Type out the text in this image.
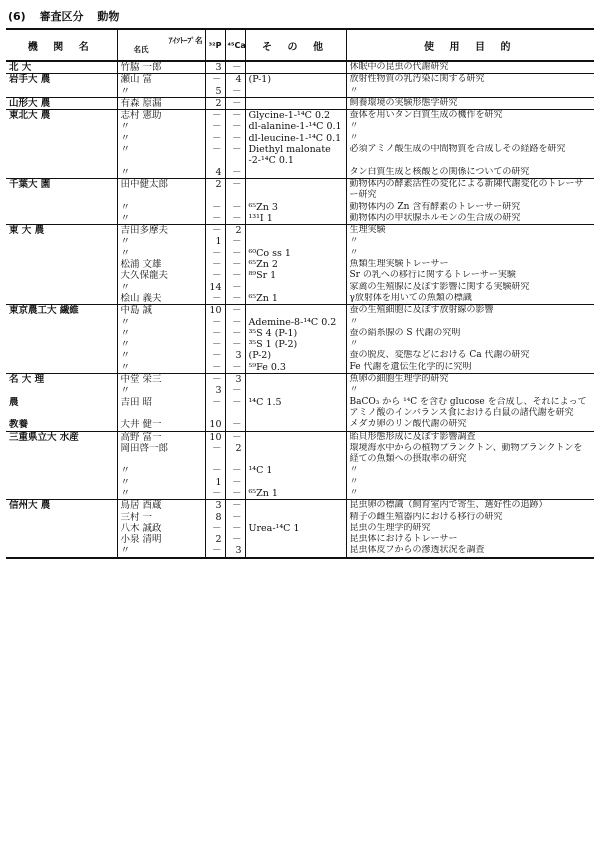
(6) 審査区分 動物
機 関 名	ｱｲｿﾄｰﾌﾟ名
名氏	³²P	⁴⁵Ca	そ の 他	使 用 目 的
北 大	竹脇 一郎	3	－		休眠中の昆虫の代謝研究
岩手大 農	瀬山 富	－	4	(P-1)	放射性物質の乳汚染に関する研究
	〃	5	－		〃
山形大 農	有森 原漏	2	－		飼養環境の実験形態学研究
東北大 農	志村 憲助	－	－	Glycine-1-¹⁴C 0.2	蚕体を用いタン白質生成の機作を研究
	〃	－	－	dl-alanine-1-¹⁴C 0.1	〃
	〃	－	－	dl-leucine-1-¹⁴C 0.1	〃
	〃	－	－	Diethyl malonate -2-¹⁴C 0.1	必須アミノ酸生成の中間物質を合成しその経路を研究
	〃	4	－		タン白質生成と核酸との関係についての研究
千葉大 園	田中健太郎	2	－		動物体内の酵素活性の変化による新陳代謝変化のトレーサー研究
	〃	－	－	⁶⁵Zn 3	動物体内の Zn 含有酵素のトレーサー研究
	〃	－	－	¹³¹I 1	動物体内の甲状腺ホルモンの生合成の研究
東 大 農	吉田多摩夫	－	2		生理実験
	〃	1	－		〃
	〃	－	－	⁶⁰Co ss 1	〃
	松浦 文雄	－	－	⁶⁵Zn 2	魚類生理実験トレーサー
	大久保龍夫	－	－	⁸⁹Sr 1	Sr の乳への移行に関するトレーサー実験
	〃	14	－		家禽の生殖腺に及ぼす影響に関する実験研究
	桧山 義夫	－	－	⁶⁵Zn 1	γ放射体を用いての魚類の標識
東京農工大 繊維	中島 誠	10	－		蚕の生殖細胞に及ぼす放射線の影響
	〃	－	－	Ademine-8-¹⁴C 0.2	〃
	〃	－	－	³⁵S 4 (P-1)	蚕の絹糸腺の S 代謝の究明
	〃	－	－	³⁵S 1 (P-2)	〃
	〃	－	3	(P-2)	蚕の脱皮、変態などにおける Ca 代謝の研究
	〃	－	－	⁵⁹Fe 0.3	Fe 代謝を遺伝生化学的に究明
名 大 理	中堂 栄三	－	3		魚卵の細胞生理学的研究
	〃	3	－		〃
農	吉田 昭	－	－	¹⁴C 1.5	BaCO₃ から ¹⁴C を含む glucose を合成し、それによってアミノ酸のインバランス食における白鼠の諸代謝を研究
教養	大井 健一	10	－		メダカ卵のリン酸代謝の研究
三重県立大 水産	高野 富一	10	－		貽貝形態形成に及ぼす影響調査
	岡田啓一郎	－	2		環境海水中からの植物プランクトン、動物プランクトンを経ての魚類への摂取率の研究
	〃	－	－	¹⁴C 1	〃
	〃	1	－		〃
	〃	－	－	⁶⁵Zn 1	〃
信州大 農	鳥居 酉蔵	3	－		昆虫卵の標識（飼育室内で寄生、選好性の追跡）
	三村 一	8	－		精子の雌生殖器内における移行の研究
	八木 誠政	－	－	Urea-¹⁴C 1	昆虫の生理学的研究
	小泉 清明	2	－		昆虫体におけるトレーサー
	〃	－	3		昆虫体皮フからの滲透状況を調査
